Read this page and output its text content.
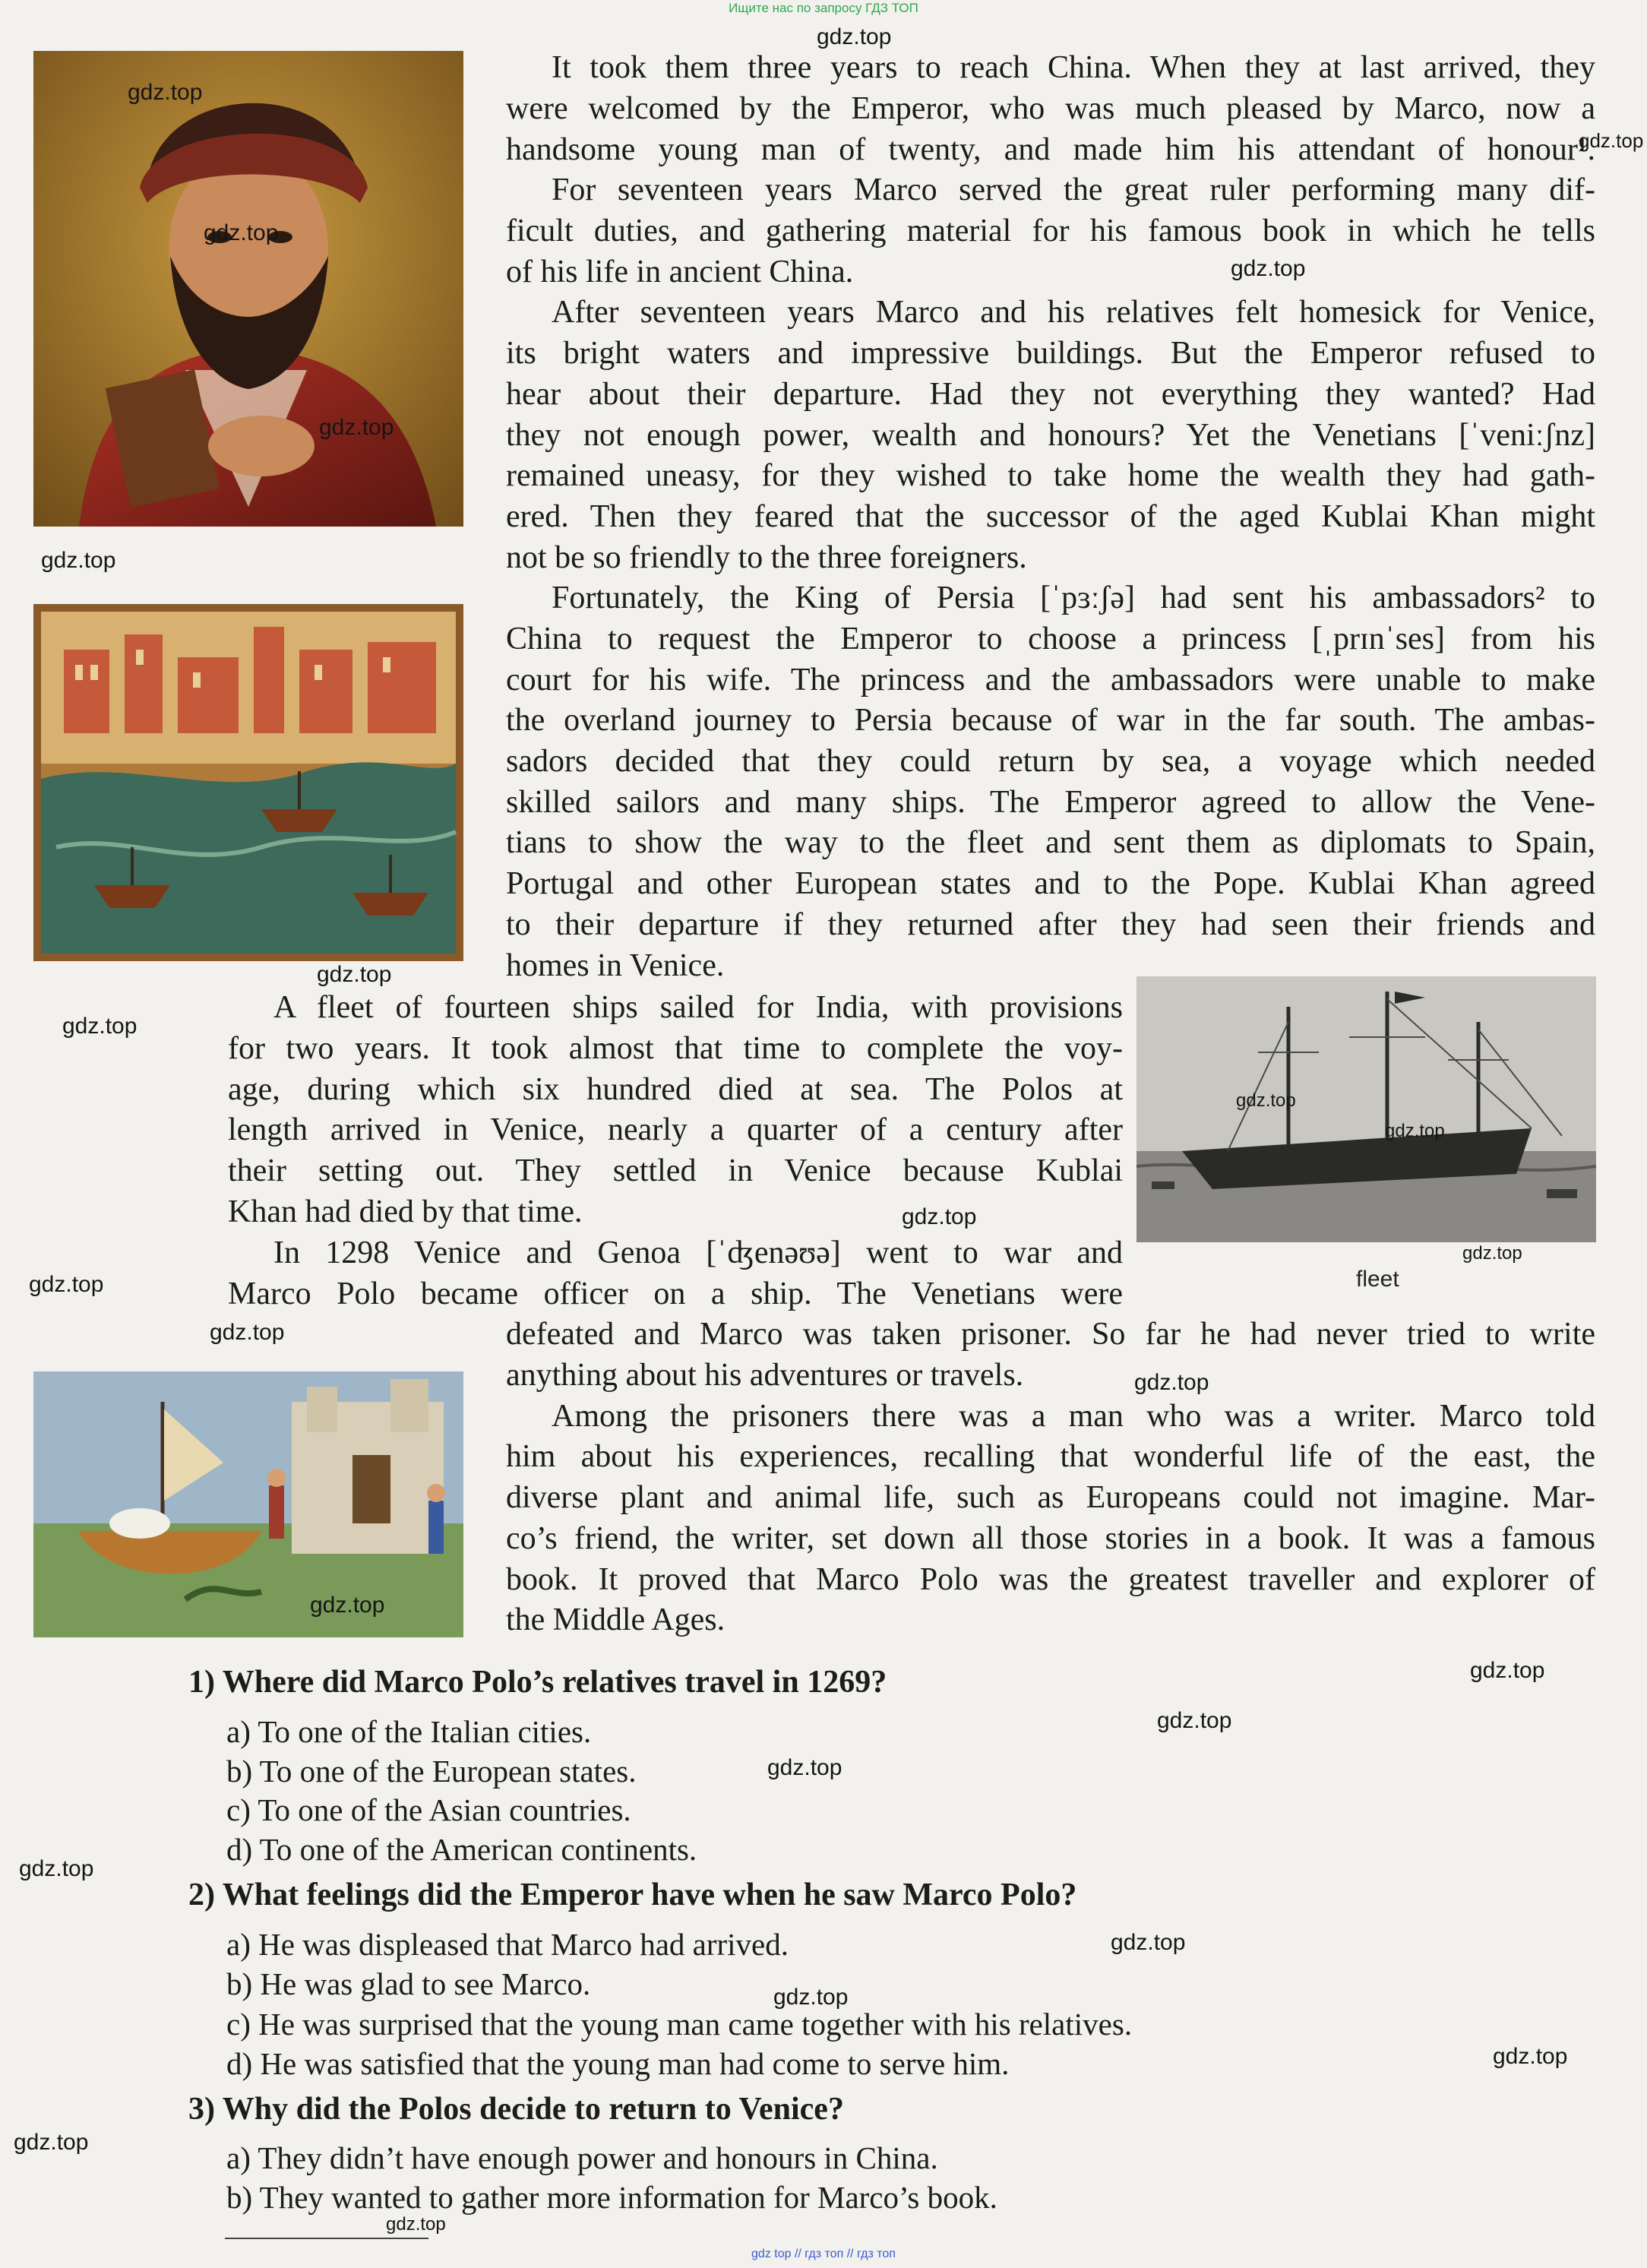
Ищите нас по запросу ГДЗ ТОП
gdz top // гдз топ // гдз топ
fleet
It took them three years to reach China. When they at last arrived, they
were welcomed by the Emperor, who was much pleased by Marco, now a
handsome young man of twenty, and made him his attendant of honour¹.
For seventeen years Marco served the great ruler performing many dif-
ficult duties, and gathering material for his famous book in which he tells
of his life in ancient China.
After seventeen years Marco and his relatives felt homesick for Venice,
its bright waters and impressive buildings. But the Emperor refused to
hear about their departure. Had they not everything they wanted? Had
they not enough power, wealth and honours? Yet the Venetians [ˈveniːʃnz]
remained uneasy, for they wished to take home the wealth they had gath-
ered. Then they feared that the successor of the aged Kublai Khan might
not be so friendly to the three foreigners.
Fortunately, the King of Persia [ˈpɜːʃə] had sent his ambassadors² to
China to request the Emperor to choose a princess [ˌprɪnˈses] from his
court for his wife. The princess and the ambassadors were unable to make
the overland journey to Persia because of war in the far south. The ambas-
sadors decided that they could return by sea, a voyage which needed
skilled sailors and many ships. The Emperor agreed to allow the Vene-
tians to show the way to the fleet and sent them as diplomats to Spain,
Portugal and other European states and to the Pope. Kublai Khan agreed
to their departure if they returned after they had seen their friends and
homes in Venice.
A fleet of fourteen ships sailed for India, with provisions
for two years. It took almost that time to complete the voy-
age, during which six hundred died at sea. The Polos at
length arrived in Venice, nearly a quarter of a century after
their setting out. They settled in Venice because Kublai
Khan had died by that time.
In 1298 Venice and Genoa [ˈʤenəʊə] went to war and
Marco Polo became officer on a ship. The Venetians were
defeated and Marco was taken prisoner. So far he had never tried to write
anything about his adventures or travels.
Among the prisoners there was a man who was a writer. Marco told
him about his experiences, recalling that wonderful life of the east, the
diverse plant and animal life, such as Europeans could not imagine. Mar-
co’s friend, the writer, set down all those stories in a book. It was a famous
book. It proved that Marco Polo was the greatest traveller and explorer of
the Middle Ages.
1) Where did Marco Polo’s relatives travel in 1269?
a) To one of the Italian cities.
b) To one of the European states.
c) To one of the Asian countries.
d) To one of the American continents.
2) What feelings did the Emperor have when he saw Marco Polo?
a) He was displeased that Marco had arrived.
b) He was glad to see Marco.
c) He was surprised that the young man came together with his relatives.
d) He was satisfied that the young man had come to serve him.
3) Why did the Polos decide to return to Venice?
a) They didn’t have enough power and honours in China.
b) They wanted to gather more information for Marco’s book.
gdz.top
gdz.top
gdz.top
gdz.top
gdz.top
gdz.top
gdz.top
gdz.top
gdz.top
gdz.top
gdz.top
gdz.top
gdz.top
gdz.top
gdz.top
gdz.top
gdz.top
gdz.top
gdz.top
gdz.top
gdz.top
gdz.top
gdz.top
gdz.top
gdz.top
gdz.top
